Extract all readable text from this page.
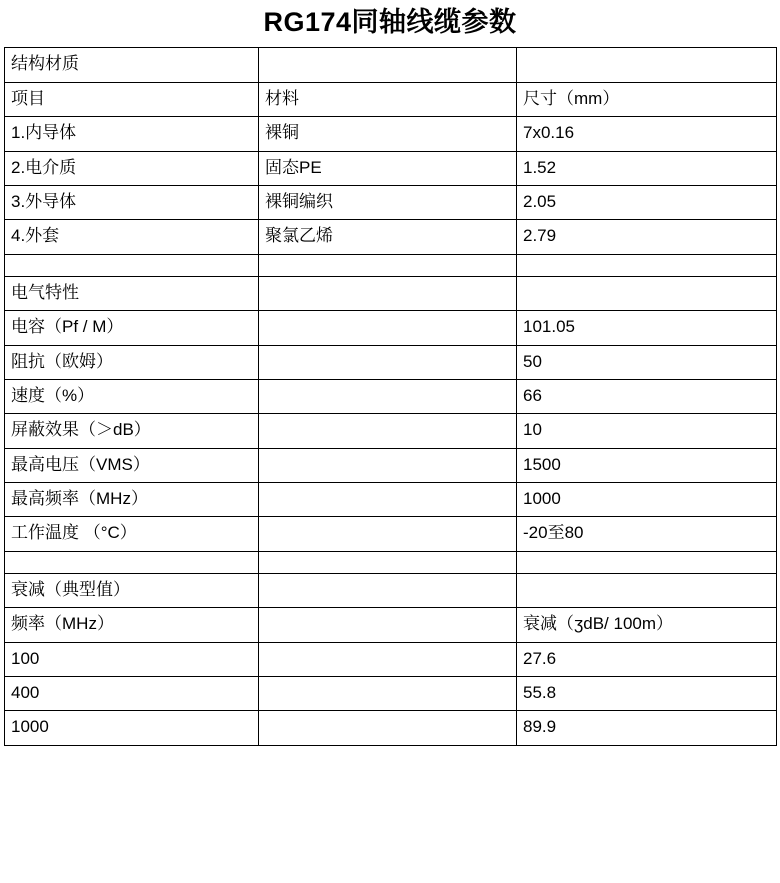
RG174同轴线缆参数
结构材质		
项目	材料	尺寸（mm）
1.内导体	裸铜	7x0.16
2.电介质	固态PE	1.52
3.外导体	裸铜编织	2.05
4.外套	聚氯乙烯	2.79

电气特性		
电容（Pf / M）		101.05
阻抗（欧姆）		50
速度（%）		66
屏蔽效果（＞dB）		10
最高电压（VMS）		1500
最高频率（MHz）		1000
工作温度 （°C）		-20至80

衰减（典型值）		
频率（MHz）		衰减（ʒdB/ 100m）
100		27.6
400		55.8
1000		89.9
